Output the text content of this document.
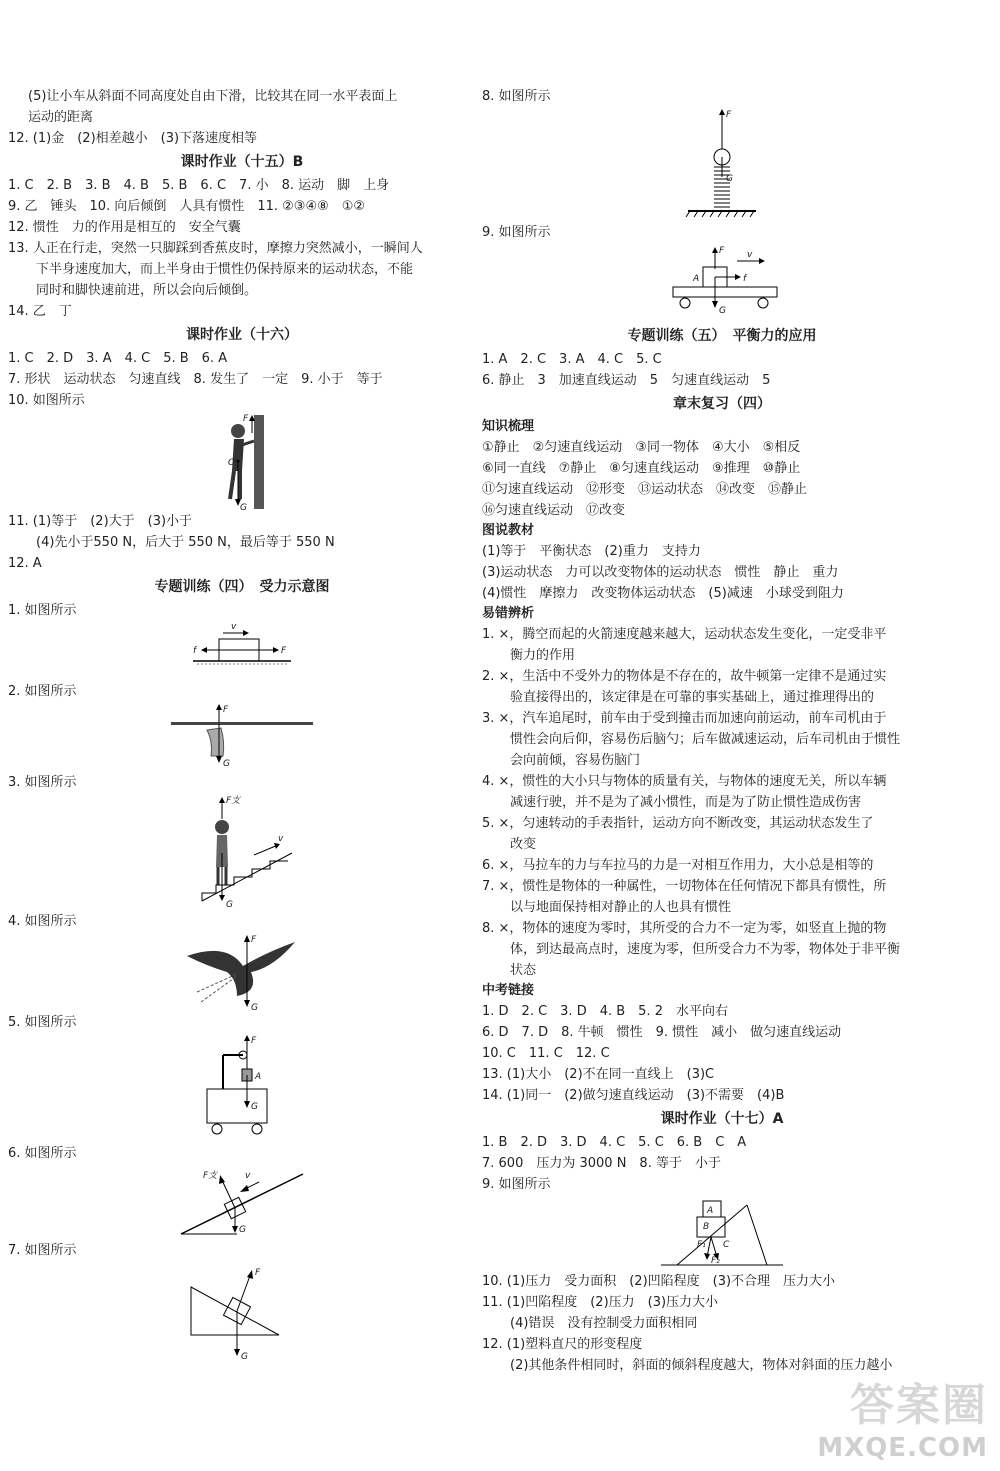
(5)让小车从斜面不同高度处自由下滑，比较其在同一水平表面上
运动的距离
12. (1)金　(2)相差越小　(3)下落速度相等
课时作业（十五）B
1. C　2. B　3. B　4. B　5. B　6. C　7. 小　8. 运动　脚　上身
9. 乙　锤头　10. 向后倾倒　人具有惯性　11. ②③④⑧　①②
12. 惯性　力的作用是相互的　安全气囊
13. 人正在行走，突然一只脚踩到香蕉皮时，摩擦力突然减小，一瞬间人
下半身速度加大，而上半身由于惯性仍保持原来的运动状态，不能
同时和脚快速前进，所以会向后倾倒。
14. 乙　丁
课时作业（十六）
1. C　2. D　3. A　4. C　5. B　6. A
7. 形状　运动状态　匀速直线　8. 发生了　一定　9. 小于　等于
10. 如图所示
F
O
G
11. (1)等于　(2)大于　(3)小于
(4)先小于550 N，后大于 550 N，最后等于 550 N
12. A
专题训练（四）　受力示意图
1. 如图所示
v
f	F
2. 如图所示
F
G
3. 如图所示
F支
v
G
4. 如图所示
F
G
5. 如图所示
F
A
G
6. 如图所示
F支	v
G
7. 如图所示
F
G
8. 如图所示
F
G
9. 如图所示
F	v
A	f
G
专题训练（五）　平衡力的应用
1. A　2. C　3. A　4. C　5. C
6. 静止　3　加速直线运动　5　匀速直线运动　5
章末复习（四）
知识梳理
①静止　②匀速直线运动　③同一物体　④大小　⑤相反
⑥同一直线　⑦静止　⑧匀速直线运动　⑨推理　⑩静止
⑪匀速直线运动　⑫形变　⑬运动状态　⑭改变　⑮静止
⑯匀速直线运动　⑰改变
图说教材
(1)等于　平衡状态　(2)重力　支持力
(3)运动状态　力可以改变物体的运动状态　惯性　静止　重力
(4)惯性　摩擦力　改变物体运动状态　(5)减速　小球受到阻力
易错辨析
1. ×，腾空而起的火箭速度越来越大，运动状态发生变化，一定受非平
衡力的作用
2. ×，生活中不受外力的物体是不存在的，故牛顿第一定律不是通过实
验直接得出的，该定律是在可靠的事实基础上，通过推理得出的
3. ×，汽车追尾时，前车由于受到撞击而加速向前运动，前车司机由于
惯性会向后仰，容易伤后脑勺；后车做减速运动，后车司机由于惯性
会向前倾，容易伤脑门
4. ×，惯性的大小只与物体的质量有关，与物体的速度无关，所以车辆
减速行驶，并不是为了减小惯性，而是为了防止惯性造成伤害
5. ×，匀速转动的手表指针，运动方向不断改变，其运动状态发生了
改变
6. ×，马拉车的力与车拉马的力是一对相互作用力，大小总是相等的
7. ×，惯性是物体的一种属性，一切物体在任何情况下都具有惯性，所
以与地面保持相对静止的人也具有惯性
8. ×，物体的速度为零时，其所受的合力不一定为零，如竖直上抛的物
体，到达最高点时，速度为零，但所受合力不为零，物体处于非平衡
状态
中考链接
1. D　2. C　3. D　4. B　5. 2　水平向右
6. D　7. D　8. 牛顿　惯性　9. 惯性　减小　做匀速直线运动
10. C　11. C　12. C
13. (1)大小　(2)不在同一直线上　(3)C
14. (1)同一　(2)做匀速直线运动　(3)不需要　(4)B
课时作业（十七）A
1. B　2. D　3. D　4. C　5. C　6. B　C　A
7. 600　压力为 3000 N　8. 等于　小于
9. 如图所示
A
B
F₁
F₂
C
10. (1)压力　受力面积　(2)凹陷程度　(3)不合理　压力大小
11. (1)凹陷程度　(2)压力　(3)压力大小
(4)错误　没有控制受力面积相同
12. (1)塑料直尺的形变程度
(2)其他条件相同时，斜面的倾斜程度越大，物体对斜面的压力越小
答案圈
MXQE.COM
